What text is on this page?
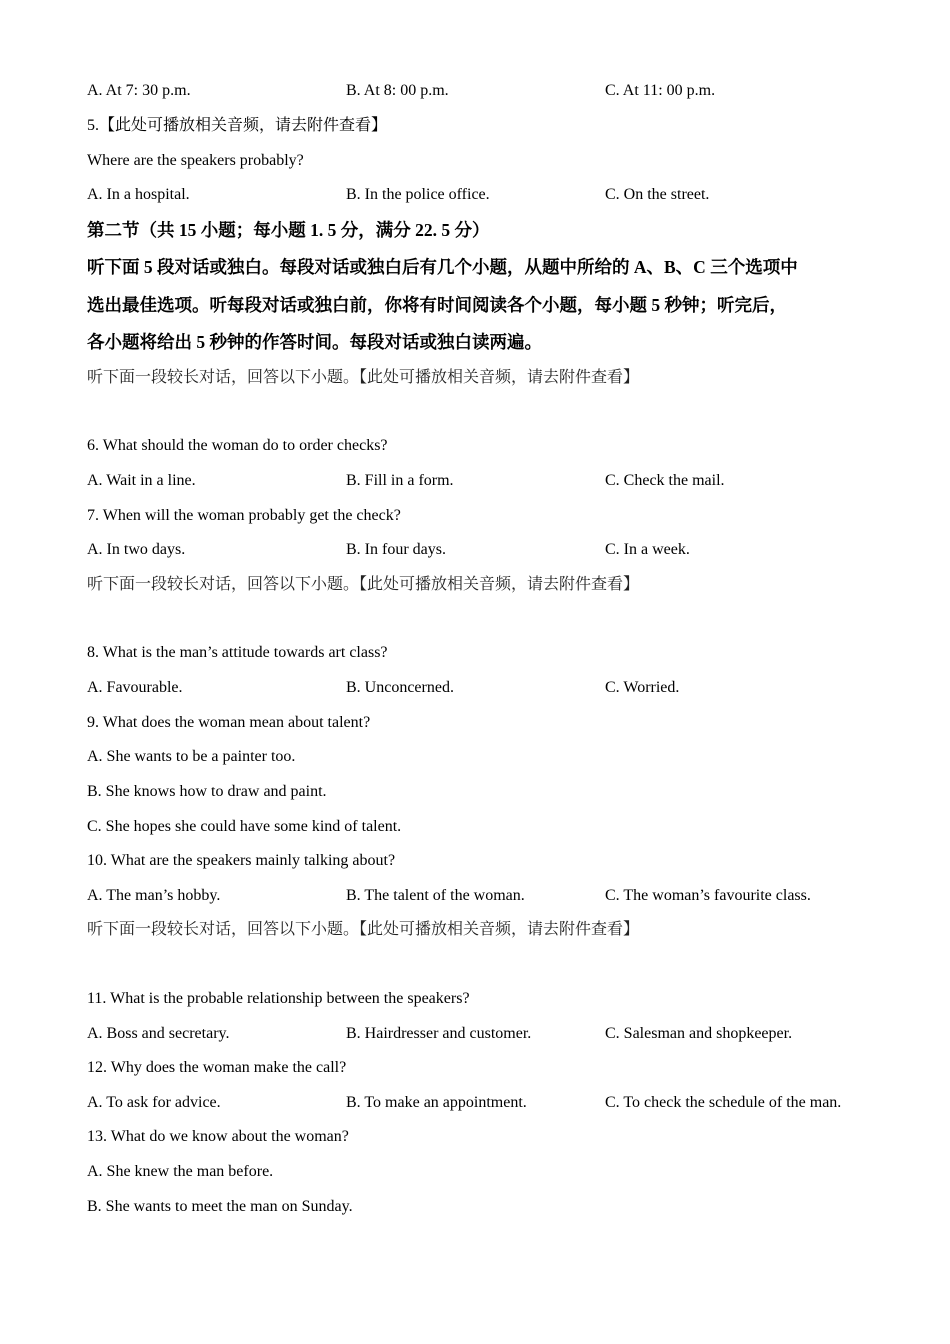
A. At 7: 30 p.m.	B. At 8: 00 p.m.	C. At 11: 00 p.m.
5.【此处可播放相关音频，请去附件查看】
Where are the speakers probably?
A. In a hospital.	B. In the police office.	C. On the street.
第二节（共 15 小题；每小题 1. 5 分，满分 22. 5 分）
听下面 5 段对话或独白。每段对话或独白后有几个小题，从题中所给的 A、B、C 三个选项中
选出最佳选项。听每段对话或独白前，你将有时间阅读各个小题，每小题 5 秒钟；听完后，
各小题将给出 5 秒钟的作答时间。每段对话或独白读两遍。
听下面一段较长对话，回答以下小题。【此处可播放相关音频，请去附件查看】
6. What should the woman do to order checks?
A. Wait in a line.	B. Fill in a form.	C. Check the mail.
7. When will the woman probably get the check?
A. In two days.	B. In four days.	C. In a week.
听下面一段较长对话，回答以下小题。【此处可播放相关音频，请去附件查看】
8. What is the man’s attitude towards art class?
A. Favourable.	B. Unconcerned.	C. Worried.
9. What does the woman mean about talent?
A. She wants to be a painter too.
B. She knows how to draw and paint.
C. She hopes she could have some kind of talent.
10. What are the speakers mainly talking about?
A. The man’s hobby.	B. The talent of the woman.	C. The woman’s favourite class.
听下面一段较长对话，回答以下小题。【此处可播放相关音频，请去附件查看】
11. What is the probable relationship between the speakers?
A. Boss and secretary.	B. Hairdresser and customer.	C. Salesman and shopkeeper.
12. Why does the woman make the call?
A. To ask for advice.	B. To make an appointment.	C. To check the schedule of the man.
13. What do we know about the woman?
A. She knew the man before.
B. She wants to meet the man on Sunday.
